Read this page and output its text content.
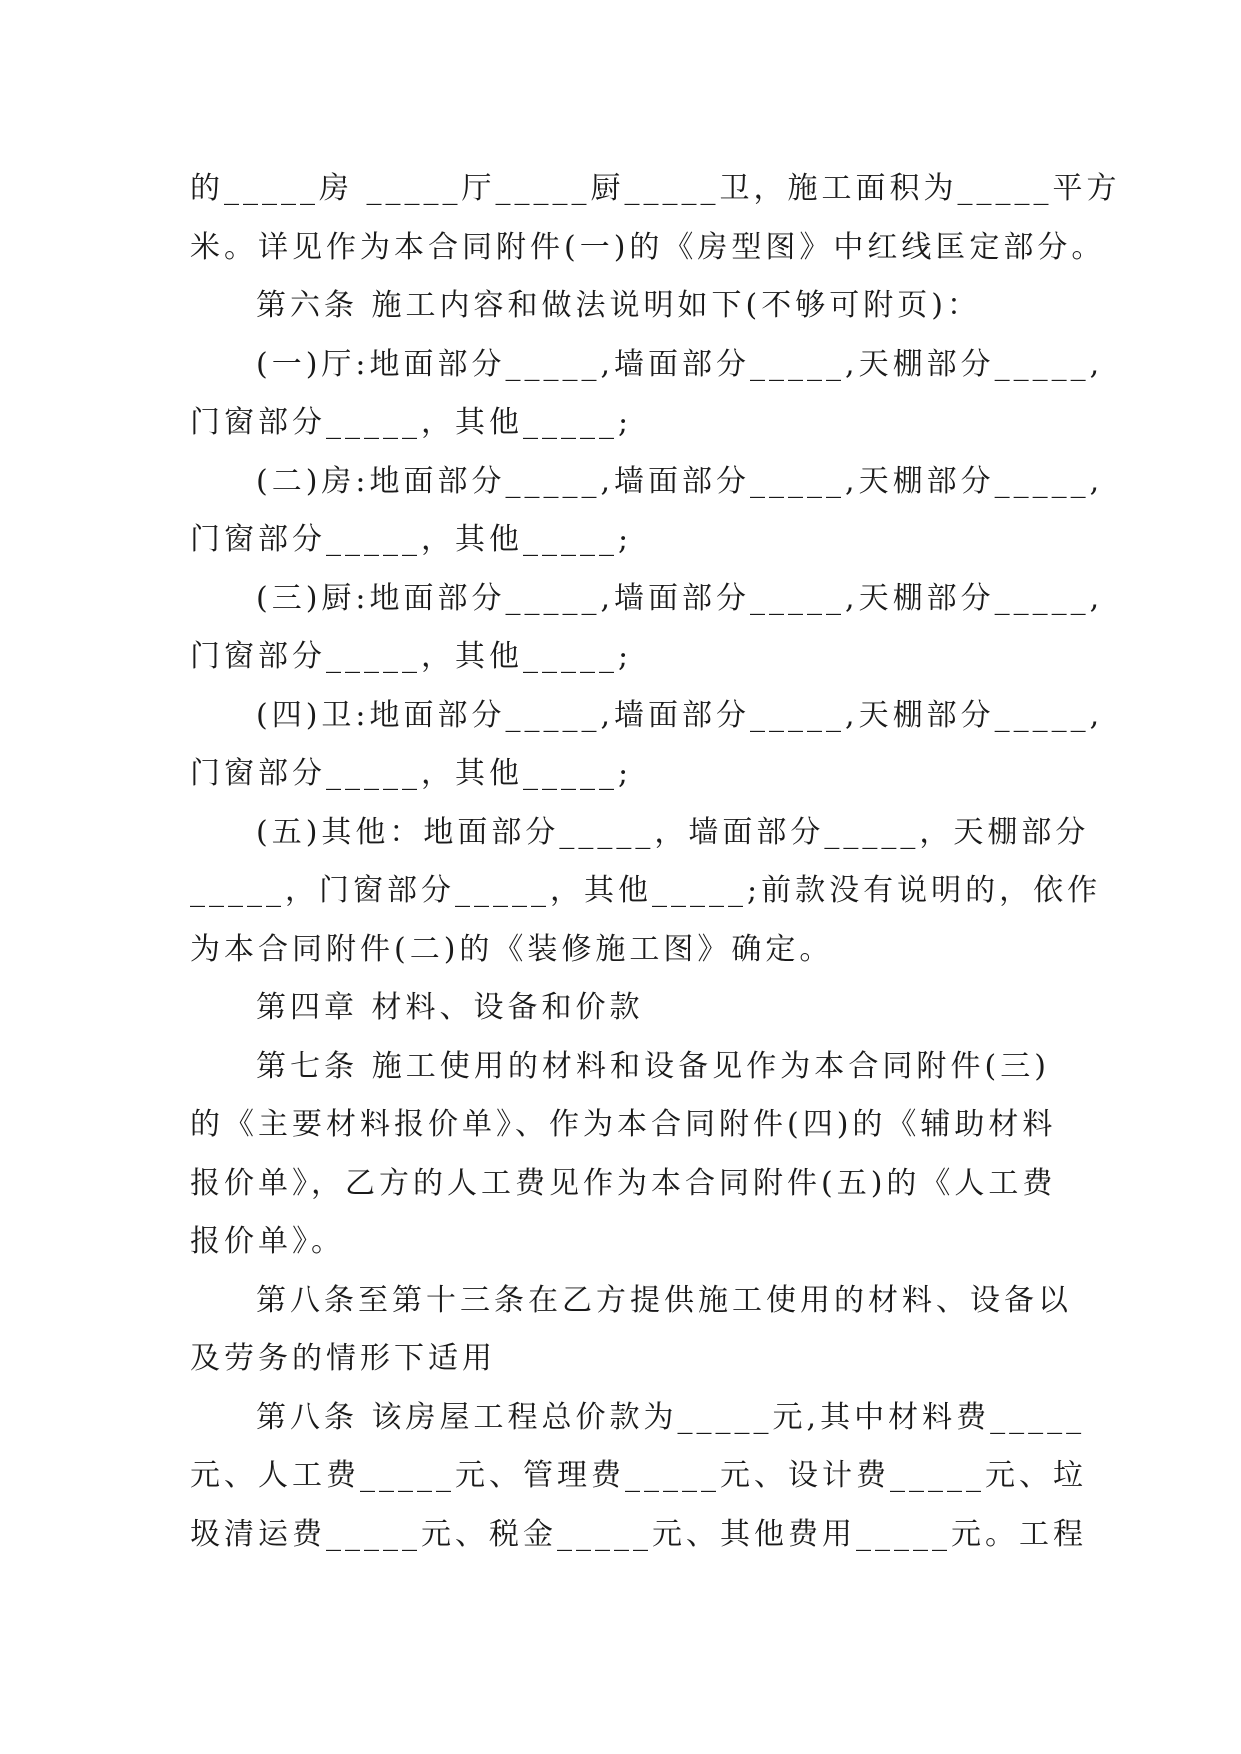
的_____房 _____厅_____厨_____卫，施工面积为_____平方
米。详见作为本合同附件(一)的《房型图》中红线匡定部分。
第六条 施工内容和做法说明如下(不够可附页)：
(一)厅:地面部分_____,墙面部分_____,天棚部分_____,
门窗部分_____，其他_____;
(二)房:地面部分_____,墙面部分_____,天棚部分_____,
门窗部分_____，其他_____;
(三)厨:地面部分_____,墙面部分_____,天棚部分_____,
门窗部分_____，其他_____;
(四)卫:地面部分_____,墙面部分_____,天棚部分_____,
门窗部分_____，其他_____;
(五)其他：地面部分_____，墙面部分_____，天棚部分
_____，门窗部分_____，其他_____;前款没有说明的，依作
为本合同附件(二)的《装修施工图》确定。
第四章 材料、设备和价款
第七条 施工使用的材料和设备见作为本合同附件(三)
的《主要材料报价单》、作为本合同附件(四)的《辅助材料
报价单》，乙方的人工费见作为本合同附件(五)的《人工费
报价单》。
第八条至第十三条在乙方提供施工使用的材料、设备以
及劳务的情形下适用
第八条 该房屋工程总价款为_____元,其中材料费_____
元、人工费_____元、管理费_____元、设计费_____元、垃
圾清运费_____元、税金_____元、其他费用_____元。工程
